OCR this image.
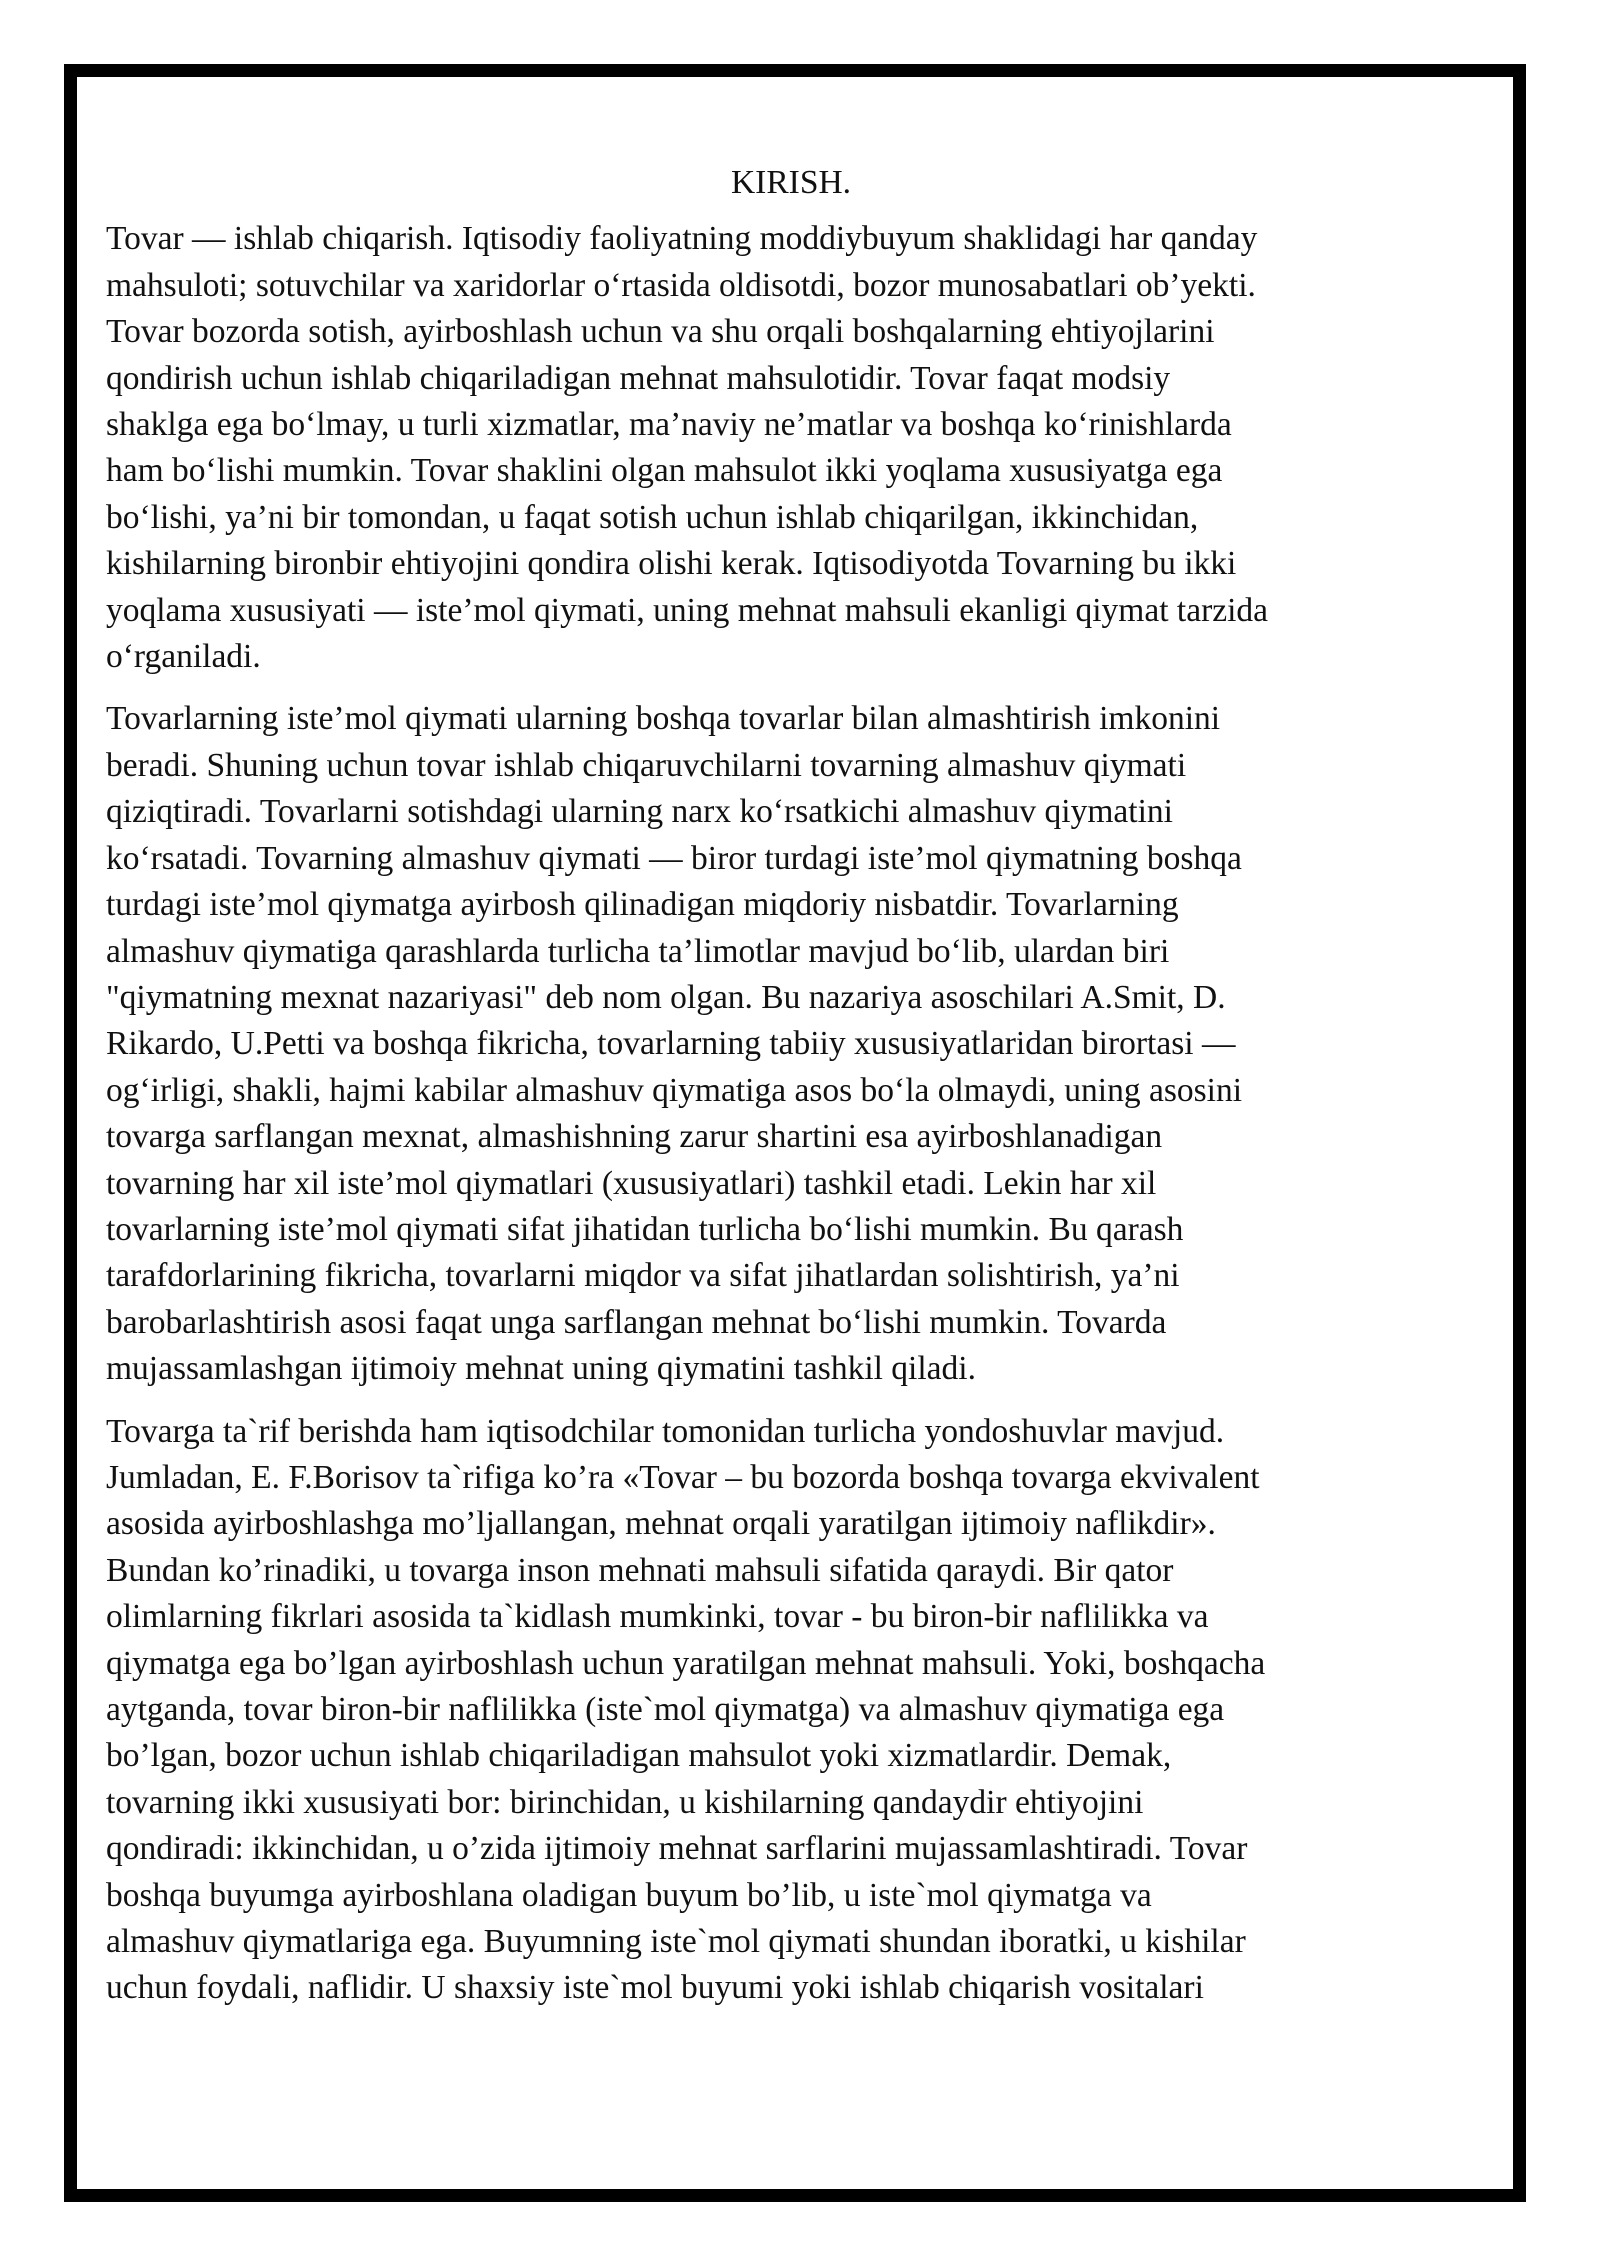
KIRISH.
Tovar — ishlab chiqarish. Iqtisodiy faoliyatning moddiybuyum shaklidagi har qanday
mahsuloti; sotuvchilar va xaridorlar o‘rtasida oldisotdi, bozor munosabatlari ob’yekti.
Tovar bozorda sotish, ayirboshlash uchun va shu orqali boshqalarning ehtiyojlarini
qondirish uchun ishlab chiqariladigan mehnat mahsulotidir. Tovar faqat modsiy
shaklga ega bo‘lmay, u turli xizmatlar, ma’naviy ne’matlar va boshqa ko‘rinishlarda
ham bo‘lishi mumkin. Tovar shaklini olgan mahsulot ikki yoqlama xususiyatga ega
bo‘lishi, ya’ni bir tomondan, u faqat sotish uchun ishlab chiqarilgan, ikkinchidan,
kishilarning bironbir ehtiyojini qondira olishi kerak. Iqtisodiyotda Tovarning bu ikki
yoqlama xususiyati — iste’mol qiymati, uning mehnat mahsuli ekanligi qiymat tarzida
o‘rganiladi.
Tovarlarning iste’mol qiymati ularning boshqa tovarlar bilan almashtirish imkonini
beradi. Shuning uchun tovar ishlab chiqaruvchilarni tovarning almashuv qiymati
qiziqtiradi. Tovarlarni sotishdagi ularning narx ko‘rsatkichi almashuv qiymatini
ko‘rsatadi. Tovarning almashuv qiymati — biror turdagi iste’mol qiymatning boshqa
turdagi iste’mol qiymatga ayirbosh qilinadigan miqdoriy nisbatdir. Tovarlarning
almashuv qiymatiga qarashlarda turlicha ta’limotlar mavjud bo‘lib, ulardan biri
"qiymatning mexnat nazariyasi" deb nom olgan. Bu nazariya asoschilari A.Smit, D.
Rikardo, U.Petti va boshqa fikricha, tovarlarning tabiiy xususiyatlaridan birortasi —
og‘irligi, shakli, hajmi kabilar almashuv qiymatiga asos bo‘la olmaydi, uning asosini
tovarga sarflangan mexnat, almashishning zarur shartini esa ayirboshlanadigan
tovarning har xil iste’mol qiymatlari (xususiyatlari) tashkil etadi. Lekin har xil
tovarlarning iste’mol qiymati sifat jihatidan turlicha bo‘lishi mumkin. Bu qarash
tarafdorlarining fikricha, tovarlarni miqdor va sifat jihatlardan solishtirish, ya’ni
barobarlashtirish asosi faqat unga sarflangan mehnat bo‘lishi mumkin. Tovarda
mujassamlashgan ijtimoiy mehnat uning qiymatini tashkil qiladi.
Tovarga ta`rif berishda ham iqtisodchilar tomonidan turlicha yondoshuvlar mavjud.
Jumladan, E. F.Borisov ta`rifiga ko’ra «Tovar – bu bozorda boshqa tovarga ekvivalent
asosida ayirboshlashga mo’ljallangan, mehnat orqali yaratilgan ijtimoiy naflikdir».
Bundan ko’rinadiki, u tovarga inson mehnati mahsuli sifatida qaraydi. Bir qator
olimlarning fikrlari asosida ta`kidlash mumkinki, tovar - bu biron-bir naflilikka va
qiymatga ega bo’lgan ayirboshlash uchun yaratilgan mehnat mahsuli. Yoki, boshqacha
aytganda, tovar biron-bir naflilikka (iste`mol qiymatga) va almashuv qiymatiga ega
bo’lgan, bozor uchun ishlab chiqariladigan mahsulot yoki xizmatlardir. Demak,
tovarning ikki xususiyati bor: birinchidan, u kishilarning qandaydir ehtiyojini
qondiradi: ikkinchidan, u o’zida ijtimoiy mehnat sarflarini mujassamlashtiradi. Tovar
boshqa buyumga ayirboshlana oladigan buyum bo’lib, u iste`mol qiymatga va
almashuv qiymatlariga ega. Buyumning iste`mol qiymati shundan iboratki, u kishilar
uchun foydali, naflidir. U shaxsiy iste`mol buyumi yoki ishlab chiqarish vositalari
